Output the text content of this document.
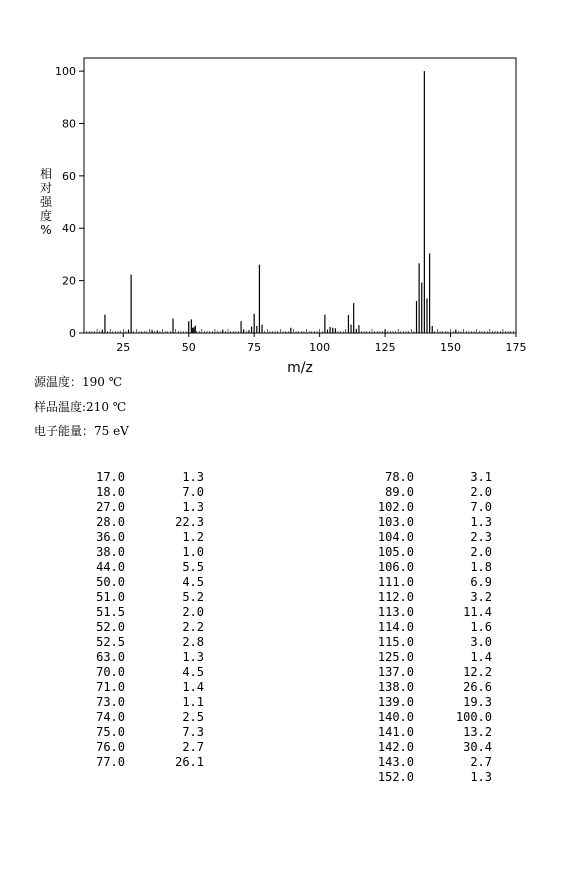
25	50	75	100	125	150	175
0
20
40
60
80
100
m/z
相对强度%
源温度：190 ℃
样品温度:210 ℃
电子能量：75 eV
17.0	1.3
18.0	7.0
27.0	1.3
28.0	22.3
36.0	1.2
38.0	1.0
44.0	5.5
50.0	4.5
51.0	5.2
51.5	2.0
52.0	2.2
52.5	2.8
63.0	1.3
70.0	4.5
71.0	1.4
73.0	1.1
74.0	2.5
75.0	7.3
76.0	2.7
77.0	26.1
78.0	3.1
89.0	2.0
102.0	7.0
103.0	1.3
104.0	2.3
105.0	2.0
106.0	1.8
111.0	6.9
112.0	3.2
113.0	11.4
114.0	1.6
115.0	3.0
125.0	1.4
137.0	12.2
138.0	26.6
139.0	19.3
140.0	100.0
141.0	13.2
142.0	30.4
143.0	2.7
152.0	1.3
